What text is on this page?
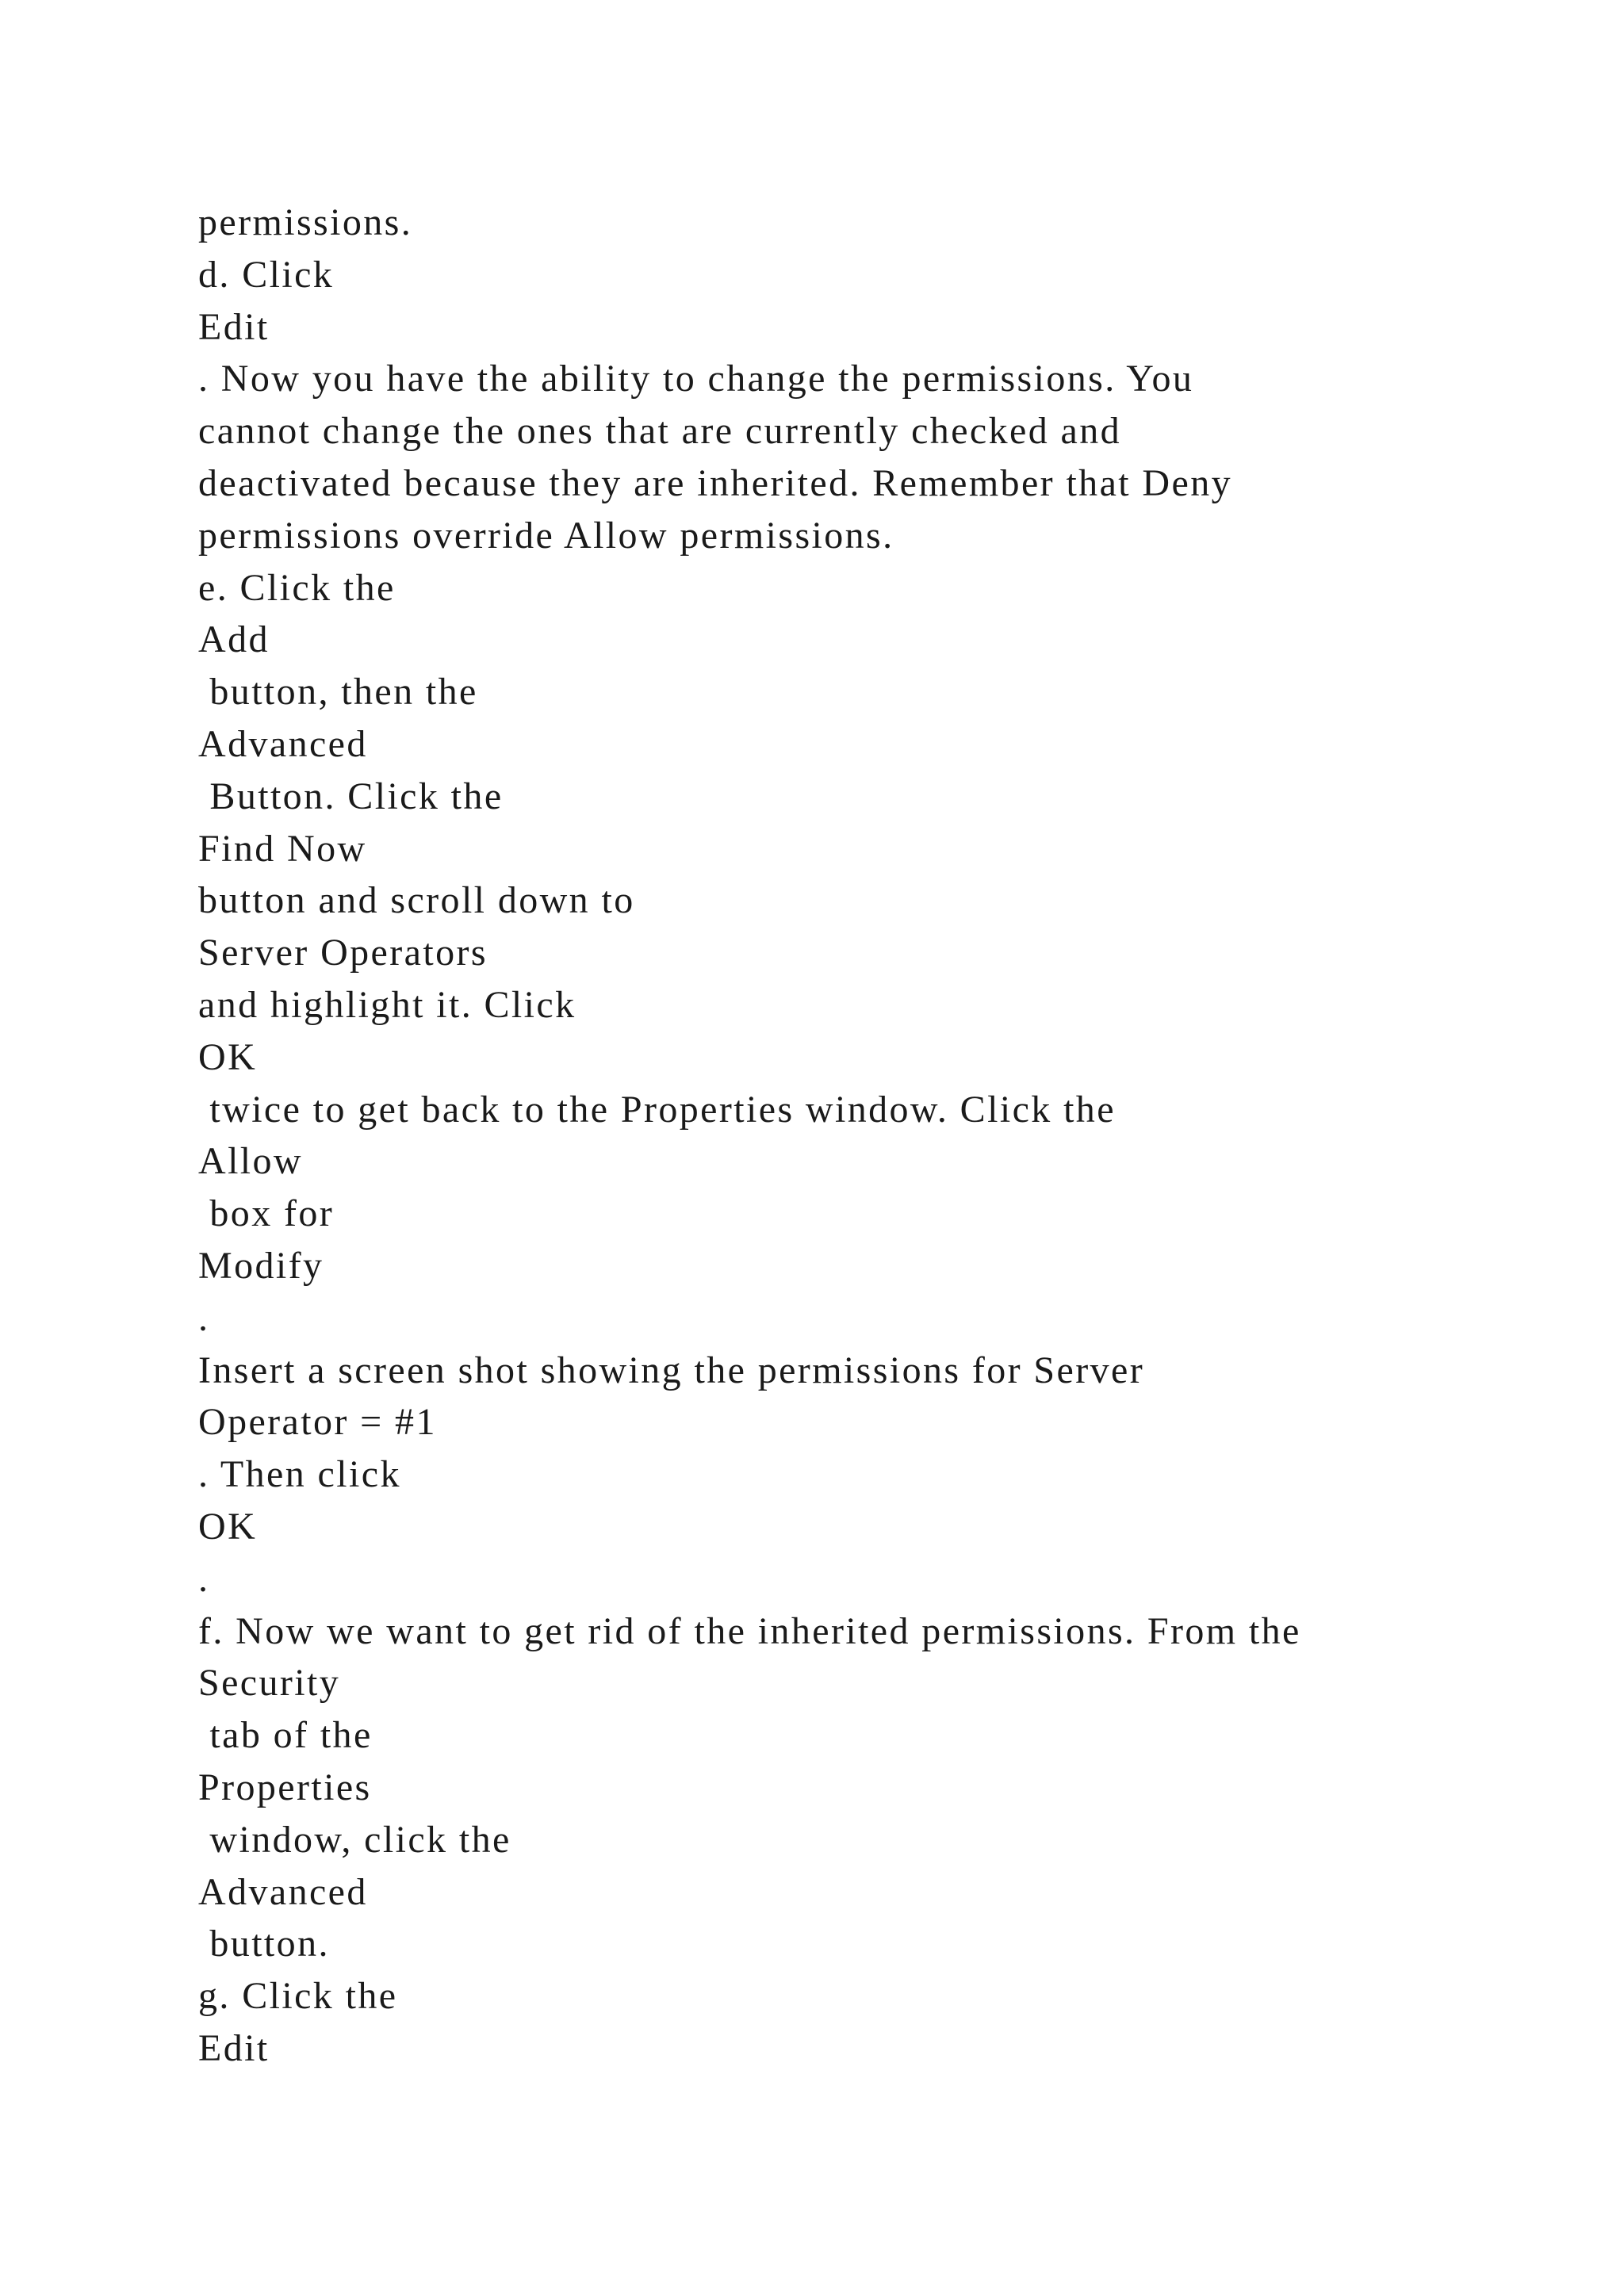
permissions.
d. Click
Edit
. Now you have the ability to change the permissions. You
cannot change the ones that are currently checked and
deactivated because they are inherited. Remember that Deny
permissions override Allow permissions.
e. Click the
Add
button, then the
Advanced
Button. Click the
Find Now
button and scroll down to
Server Operators
and highlight it. Click
OK
twice to get back to the Properties window. Click the
Allow
box for
Modify
.
Insert a screen shot showing the permissions for Server
Operator = #1
. Then click
OK
.
f. Now we want to get rid of the inherited permissions. From the
Security
tab of the
Properties
window, click the
Advanced
button.
g. Click the
Edit
